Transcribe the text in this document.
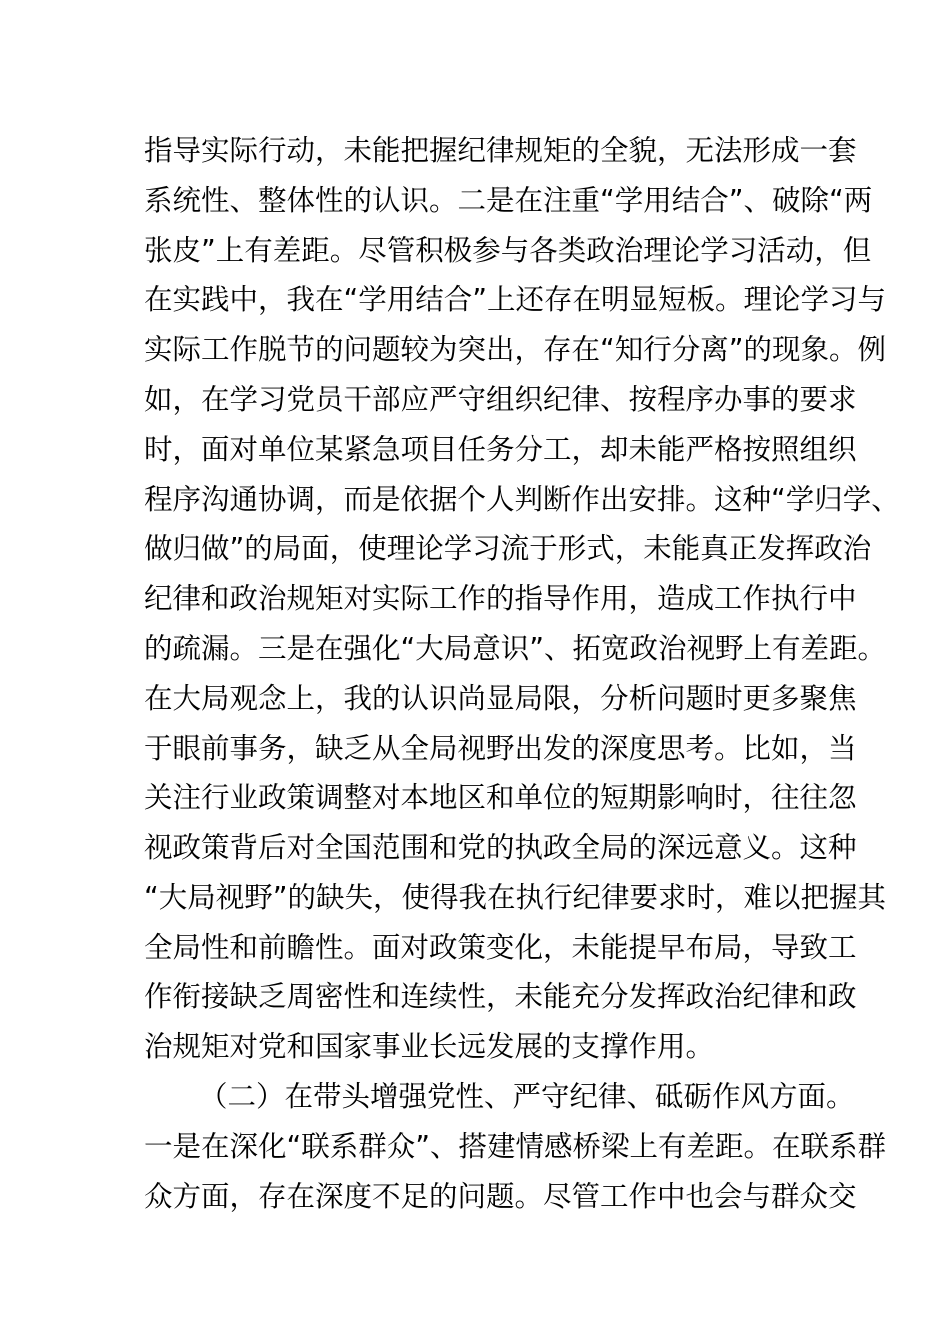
指导实际行动，未能把握纪律规矩的全貌，无法形成一套
系统性、整体性的认识。二是在注重“学用结合”、破除“两
张皮”上有差距。尽管积极参与各类政治理论学习活动，但
在实践中，我在“学用结合”上还存在明显短板。理论学习与
实际工作脱节的问题较为突出，存在“知行分离”的现象。例
如，在学习党员干部应严守组织纪律、按程序办事的要求
时，面对单位某紧急项目任务分工，却未能严格按照组织
程序沟通协调，而是依据个人判断作出安排。这种“学归学、
做归做”的局面，使理论学习流于形式，未能真正发挥政治
纪律和政治规矩对实际工作的指导作用，造成工作执行中
的疏漏。三是在强化“大局意识”、拓宽政治视野上有差距。
在大局观念上，我的认识尚显局限，分析问题时更多聚焦
于眼前事务，缺乏从全局视野出发的深度思考。比如，当
关注行业政策调整对本地区和单位的短期影响时，往往忽
视政策背后对全国范围和党的执政全局的深远意义。这种
“大局视野”的缺失，使得我在执行纪律要求时，难以把握其
全局性和前瞻性。面对政策变化，未能提早布局，导致工
作衔接缺乏周密性和连续性，未能充分发挥政治纪律和政
治规矩对党和国家事业长远发展的支撑作用。
（二）在带头增强党性、严守纪律、砥砺作风方面。
一是在深化“联系群众”、搭建情感桥梁上有差距。在联系群
众方面，存在深度不足的问题。尽管工作中也会与群众交
